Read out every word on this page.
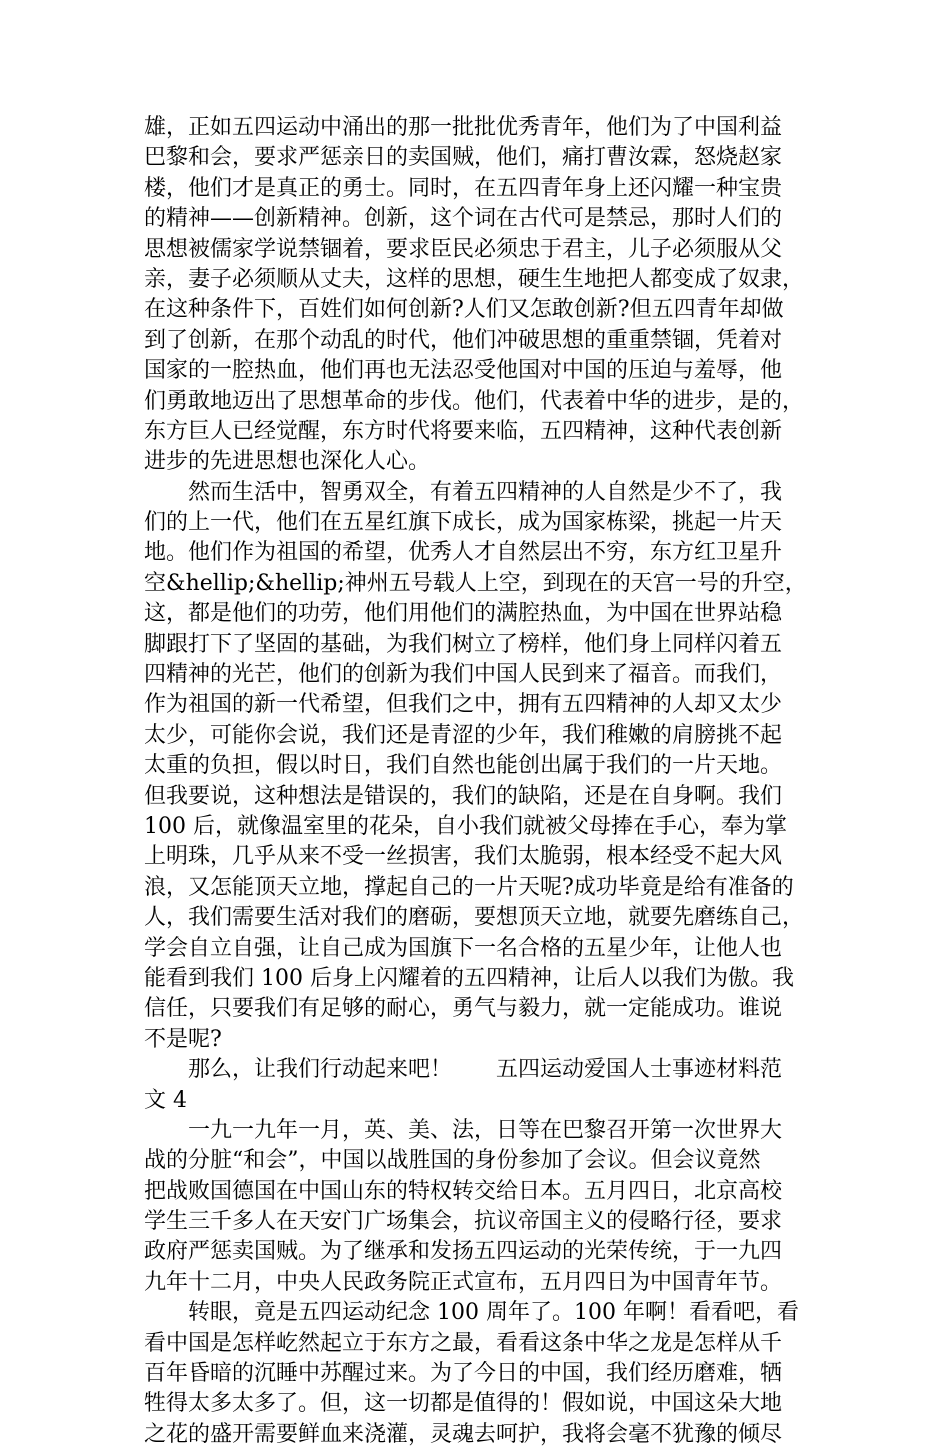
雄，正如五四运动中涌出的那一批批优秀青年，他们为了中国利益
巴黎和会，要求严惩亲日的卖国贼，他们，痛打曹汝霖，怒烧赵家
楼，他们才是真正的勇士。同时，在五四青年身上还闪耀一种宝贵
的精神——创新精神。创新，这个词在古代可是禁忌，那时人们的
思想被儒家学说禁锢着，要求臣民必须忠于君主，儿子必须服从父
亲，妻子必须顺从丈夫，这样的思想，硬生生地把人都变成了奴隶，
在这种条件下，百姓们如何创新?人们又怎敢创新?但五四青年却做
到了创新，在那个动乱的时代，他们冲破思想的重重禁锢，凭着对
国家的一腔热血，他们再也无法忍受他国对中国的压迫与羞辱，他
们勇敢地迈出了思想革命的步伐。他们，代表着中华的进步，是的，
东方巨人已经觉醒，东方时代将要来临，五四精神，这种代表创新
进步的先进思想也深化人心。
　　然而生活中，智勇双全，有着五四精神的人自然是少不了，我
们的上一代，他们在五星红旗下成长，成为国家栋梁，挑起一片天
地。他们作为祖国的希望，优秀人才自然层出不穷，东方红卫星升
空&hellip;&hellip;神州五号载人上空，到现在的天宫一号的升空，
这，都是他们的功劳，他们用他们的满腔热血，为中国在世界站稳
脚跟打下了坚固的基础，为我们树立了榜样，他们身上同样闪着五
四精神的光芒，他们的创新为我们中国人民到来了福音。而我们，
作为祖国的新一代希望，但我们之中，拥有五四精神的人却又太少
太少，可能你会说，我们还是青涩的少年，我们稚嫩的肩膀挑不起
太重的负担，假以时日，我们自然也能创出属于我们的一片天地。
但我要说，这种想法是错误的，我们的缺陷，还是在自身啊。我们
100 后，就像温室里的花朵，自小我们就被父母捧在手心，奉为掌
上明珠，几乎从来不受一丝损害，我们太脆弱，根本经受不起大风
浪，又怎能顶天立地，撑起自己的一片天呢?成功毕竟是给有准备的
人，我们需要生活对我们的磨砺，要想顶天立地，就要先磨练自己，
学会自立自强，让自己成为国旗下一名合格的五星少年，让他人也
能看到我们 100 后身上闪耀着的五四精神，让后人以我们为傲。我
信任，只要我们有足够的耐心，勇气与毅力，就一定能成功。谁说
不是呢?
　　那么，让我们行动起来吧！　　五四运动爱国人士事迹材料范
文 4
　　一九一九年一月，英、美、法，日等在巴黎召开第一次世界大
战的分脏“和会”，中国以战胜国的身份参加了会议。但会议竟然
把战败国德国在中国山东的特权转交给日本。五月四日，北京高校
学生三千多人在天安门广场集会，抗议帝国主义的侵略行径，要求
政府严惩卖国贼。为了继承和发扬五四运动的光荣传统，于一九四
九年十二月，中央人民政务院正式宣布，五月四日为中国青年节。
　　转眼，竟是五四运动纪念 100 周年了。100 年啊！看看吧，看
看中国是怎样屹然起立于东方之最，看看这条中华之龙是怎样从千
百年昏暗的沉睡中苏醒过来。为了今日的中国，我们经历磨难，牺
牲得太多太多了。但，这一切都是值得的！假如说，中国这朵大地
之花的盛开需要鲜血来浇灌，灵魂去呵护，我将会毫不犹豫的倾尽
